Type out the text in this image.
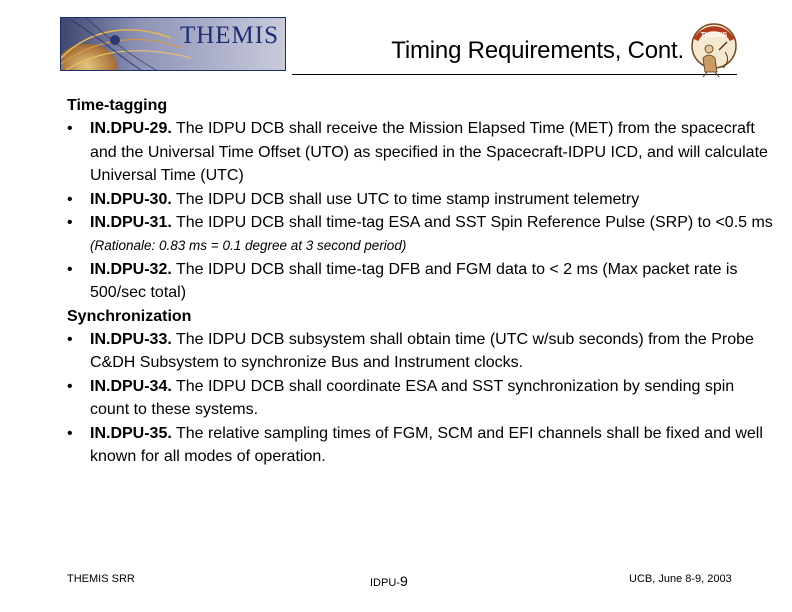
THEMIS
Timing Requirements, Cont.
THEMIS
Time-tagging
• IN.DPU-29. The IDPU DCB shall receive the Mission Elapsed Time (MET) from the spacecraft and the Universal Time Offset (UTO) as specified in the Spacecraft-IDPU ICD, and will calculate Universal Time (UTC)
• IN.DPU-30. The IDPU DCB shall use UTC to time stamp instrument telemetry
• IN.DPU-31. The IDPU DCB shall time-tag ESA and SST Spin Reference Pulse (SRP) to <0.5 ms (Rationale: 0.83 ms = 0.1 degree at 3 second period)
• IN.DPU-32. The IDPU DCB shall time-tag DFB and FGM data to < 2 ms (Max packet rate is 500/sec total)
Synchronization
• IN.DPU-33. The IDPU DCB subsystem shall obtain time (UTC w/sub seconds) from the Probe C&DH Subsystem to synchronize Bus and Instrument clocks.
• IN.DPU-34. The IDPU DCB shall coordinate ESA and SST synchronization by sending spin count to these systems.
• IN.DPU-35. The relative sampling times of FGM, SCM and EFI channels shall be fixed and well known for all modes of operation.
THEMIS SRR	IDPU-9	UCB, June 8-9, 2003
